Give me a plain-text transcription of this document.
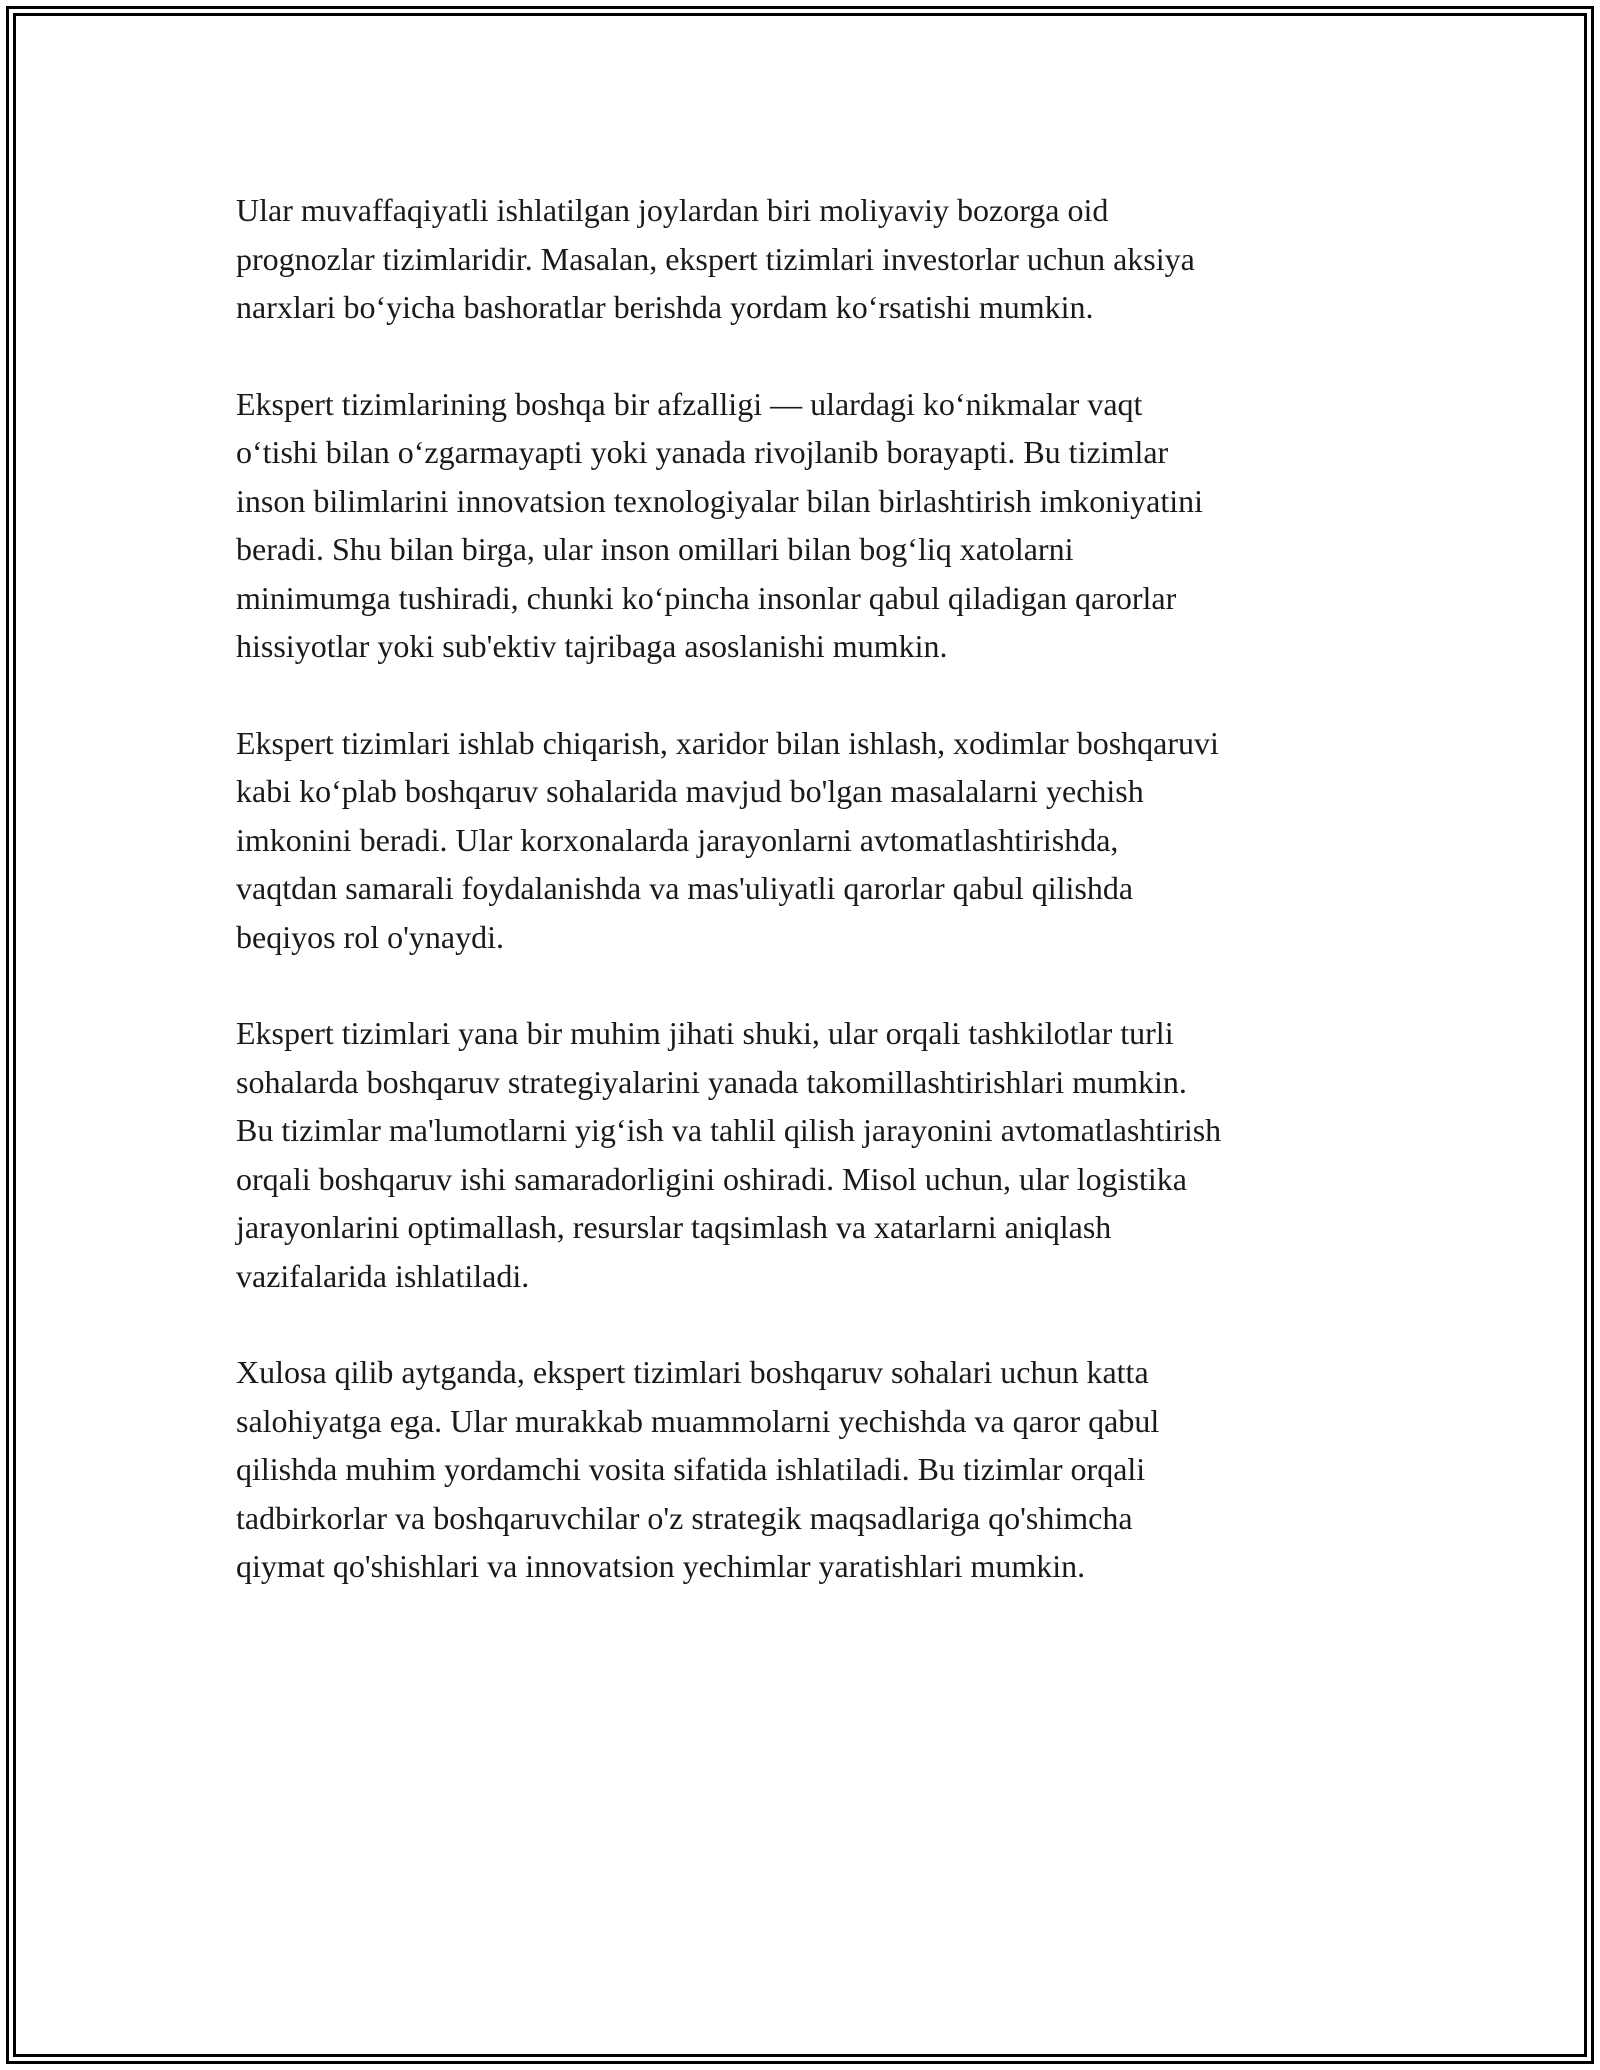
Ular muvaffaqiyatli ishlatilgan joylardan biri moliyaviy bozorga oid
prognozlar tizimlaridir. Masalan, ekspert tizimlari investorlar uchun aksiya
narxlari bo‘yicha bashoratlar berishda yordam ko‘rsatishi mumkin.

Ekspert tizimlarining boshqa bir afzalligi — ulardagi ko‘nikmalar vaqt
o‘tishi bilan o‘zgarmayapti yoki yanada rivojlanib borayapti. Bu tizimlar
inson bilimlarini innovatsion texnologiyalar bilan birlashtirish imkoniyatini
beradi. Shu bilan birga, ular inson omillari bilan bog‘liq xatolarni
minimumga tushiradi, chunki ko‘pincha insonlar qabul qiladigan qarorlar
hissiyotlar yoki sub'ektiv tajribaga asoslanishi mumkin.

Ekspert tizimlari ishlab chiqarish, xaridor bilan ishlash, xodimlar boshqaruvi
kabi ko‘plab boshqaruv sohalarida mavjud bo'lgan masalalarni yechish
imkonini beradi. Ular korxonalarda jarayonlarni avtomatlashtirishda,
vaqtdan samarali foydalanishda va mas'uliyatli qarorlar qabul qilishda
beqiyos rol o'ynaydi.

Ekspert tizimlari yana bir muhim jihati shuki, ular orqali tashkilotlar turli
sohalarda boshqaruv strategiyalarini yanada takomillashtirishlari mumkin.
Bu tizimlar ma'lumotlarni yig‘ish va tahlil qilish jarayonini avtomatlashtirish
orqali boshqaruv ishi samaradorligini oshiradi. Misol uchun, ular logistika
jarayonlarini optimallash, resurslar taqsimlash va xatarlarni aniqlash
vazifalarida ishlatiladi.

Xulosa qilib aytganda, ekspert tizimlari boshqaruv sohalari uchun katta
salohiyatga ega. Ular murakkab muammolarni yechishda va qaror qabul
qilishda muhim yordamchi vosita sifatida ishlatiladi. Bu tizimlar orqali
tadbirkorlar va boshqaruvchilar o'z strategik maqsadlariga qo'shimcha
qiymat qo'shishlari va innovatsion yechimlar yaratishlari mumkin.
